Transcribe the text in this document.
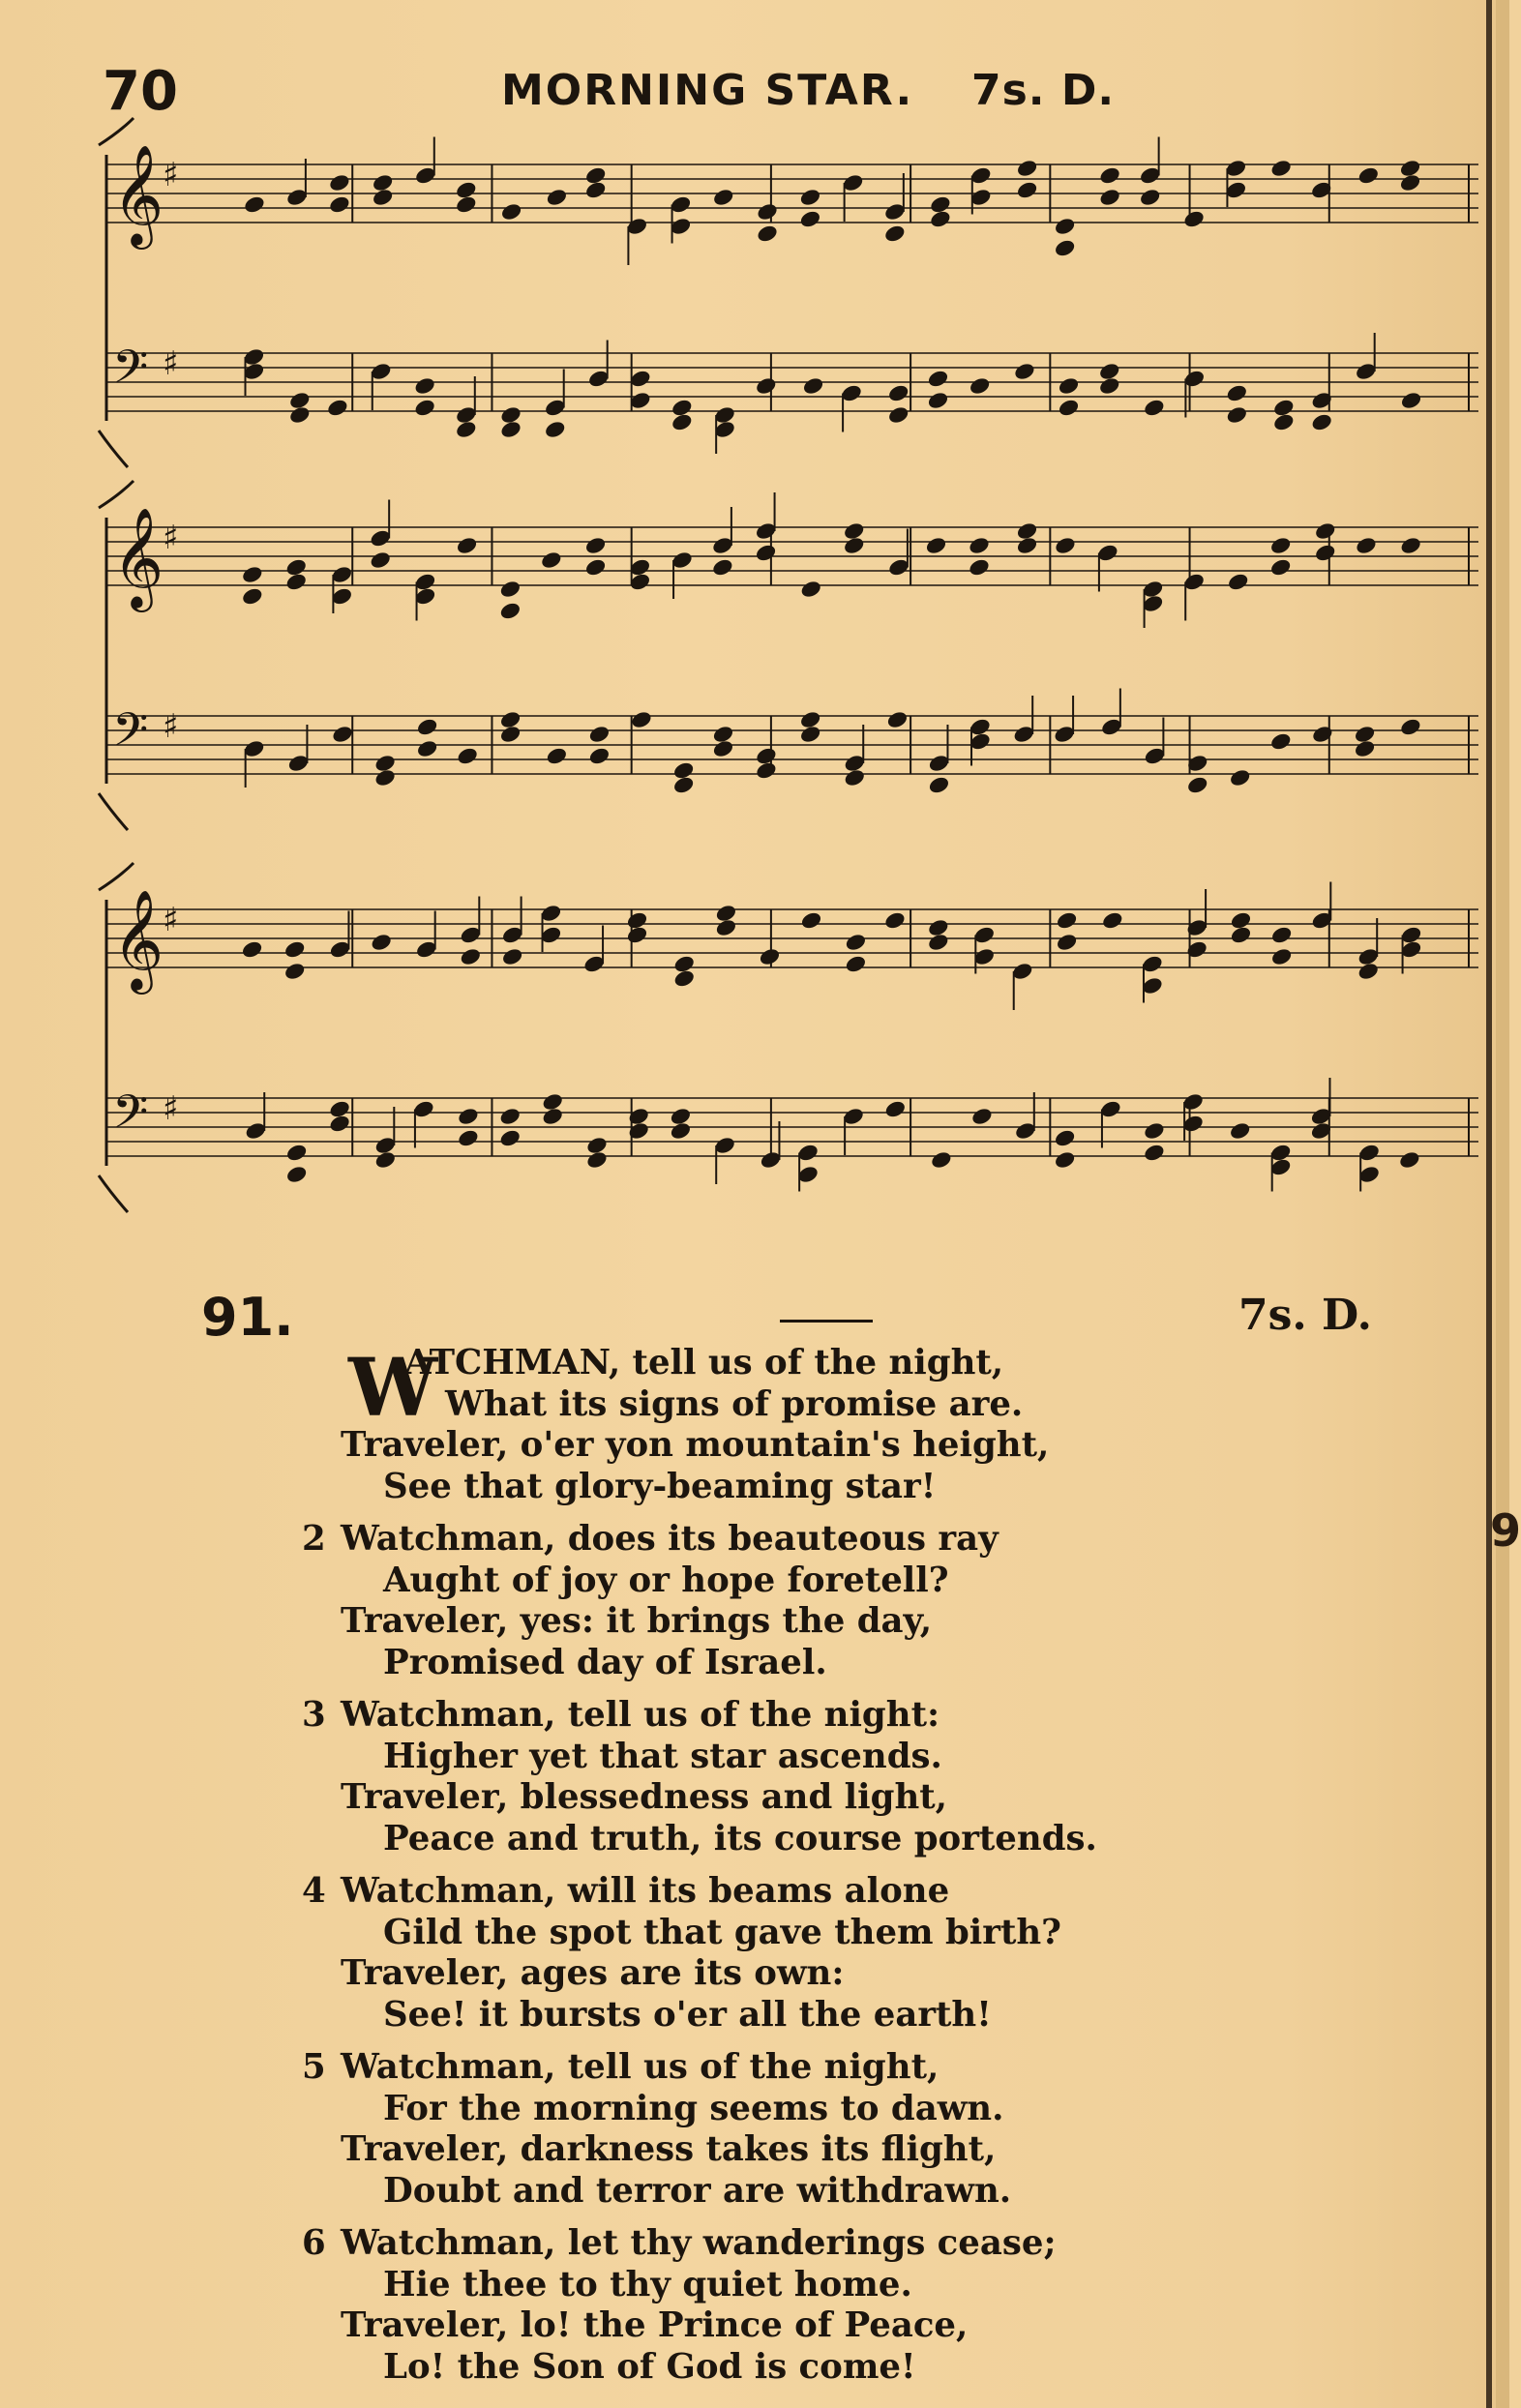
9
70	MORNING STAR. 7s. D.
𝄞
♯
𝄢 ♯
𝄞
♯
𝄢 ♯
𝄞
♯
𝄢 ♯
91.	7s. D.
W
ATCHMAN, tell us of the night,
What its signs of promise are.
Traveler, o'er yon mountain's height,
See that glory-beaming star!
2 Watchman, does its beauteous ray
Aught of joy or hope foretell?
Traveler, yes: it brings the day,
Promised day of Israel.
3 Watchman, tell us of the night:
Higher yet that star ascends.
Traveler, blessedness and light,
Peace and truth, its course portends.
4 Watchman, will its beams alone
Gild the spot that gave them birth?
Traveler, ages are its own:
See! it bursts o'er all the earth!
5 Watchman, tell us of the night,
For the morning seems to dawn.
Traveler, darkness takes its flight,
Doubt and terror are withdrawn.
6 Watchman, let thy wanderings cease;
Hie thee to thy quiet home.
Traveler, lo! the Prince of Peace,
Lo! the Son of God is come!
